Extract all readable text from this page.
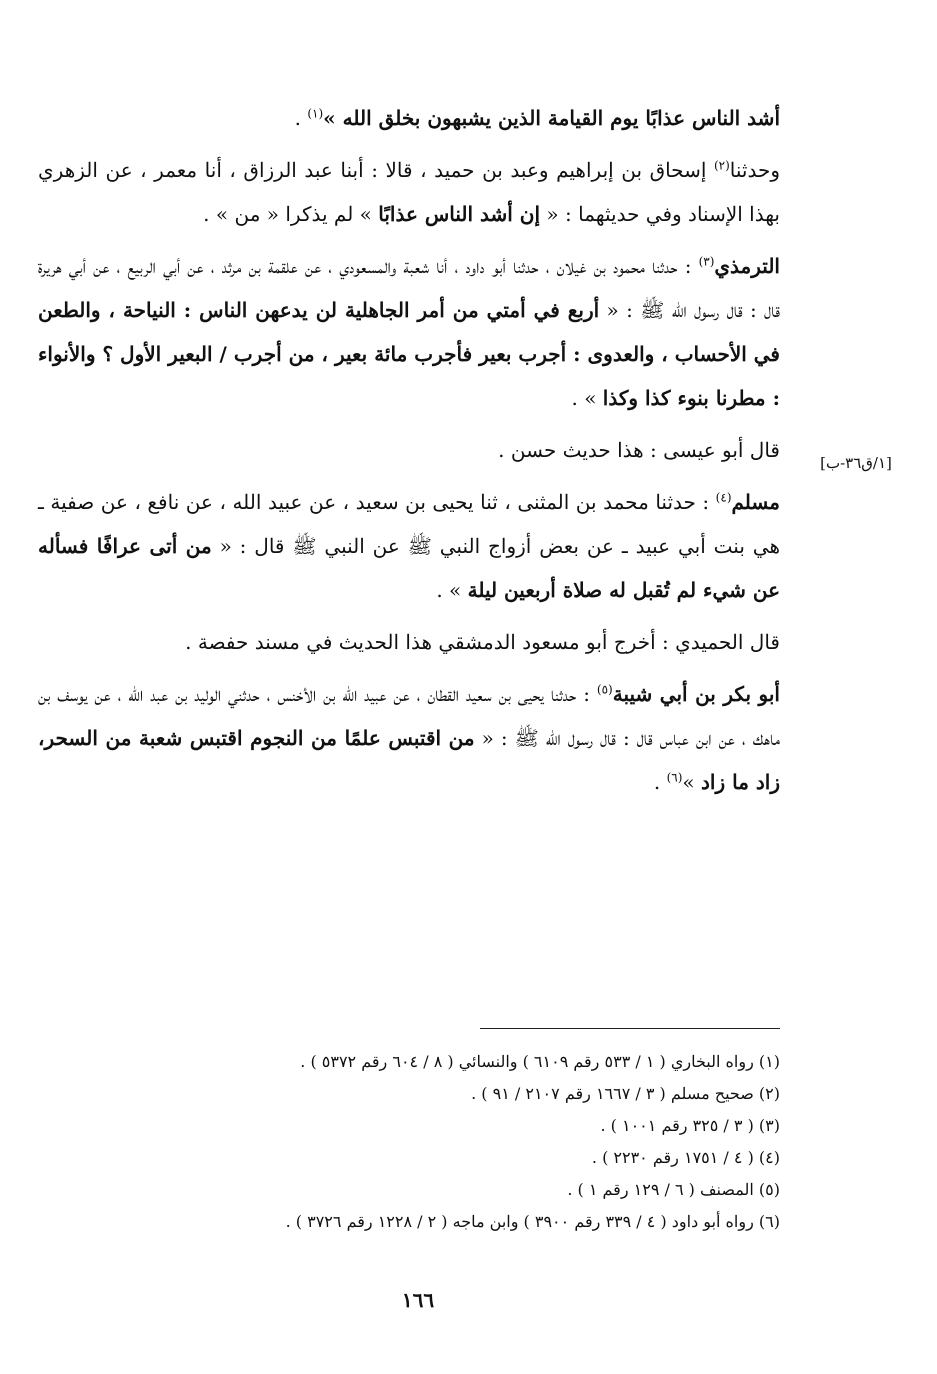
أشد الناس عذابًا يوم القيامة الذين يشبهون بخلق الله »$^{(١)}$ .

وحدثنا$^{(٢)}$ إسحاق بن إبراهيم وعبد بن حميد ، قالا : أبنا عبد الرزاق ، أنا معمر ، عن الزهري بهذا الإسناد وفي حديثهما : « إن أشد الناس عذابًا » لم يذكرا « من » .

الترمذي$^{(٣)}$ : حدثنا محمود بن غيلان ، حدثنا أبو داود ، أنا شعبة والمسعودي ، عن علقمة بن مرثد ، عن أبي الربيع ، عن أبي هريرة قال : قال رسول الله ﷺ : « أربع في أمتي من أمر الجاهلية لن يدعهن الناس : النياحة ، والطعن في الأحساب ، والعدوى : أجرب بعير فأجرب مائة بعير ، من أجرب / البعير الأول ؟ والأنواء : مطرنا بنوء كذا وكذا » .

قال أبو عيسى : هذا حديث حسن .

مسلم$^{(٤)}$ : حدثنا محمد بن المثنى ، ثنا يحيى بن سعيد ، عن عبيد الله ، عن نافع ، عن صفية ـ هي بنت أبي عبيد ـ عن بعض أزواج النبي ﷺ عن النبي ﷺ قال : « من أتى عرافًا فسأله عن شيء لم تُقبل له صلاة أربعين ليلة » .

قال الحميدي : أخرج أبو مسعود الدمشقي هذا الحديث في مسند حفصة .

أبو بكر بن أبي شيبة$^{(٥)}$ : حدثنا يحيى بن سعيد القطان ، عن عبيد الله بن الأخنس ، حدثني الوليد بن عبد الله ، عن يوسف بن ماهك ، عن ابن عباس قال : قال رسول الله ﷺ : « من اقتبس علمًا من النجوم اقتبس شعبة من السحر، زاد ما زاد »$^{(٦)}$ .

[١/ق٣٦-ب]
(١) رواه البخاري ( ١ / ٥٣٣ رقم ٦١٠٩ ) والنسائي ( ٨ / ٦٠٤ رقم ٥٣٧٢ ) .
(٢) صحيح مسلم ( ٣ / ١٦٦٧ رقم ٢١٠٧ / ٩١ ) .
(٣) ( ٣ / ٣٢٥ رقم ١٠٠١ ) .
(٤) ( ٤ / ١٧٥١ رقم ٢٢٣٠ ) .
(٥) المصنف ( ٦ / ١٢٩ رقم ١ ) .
(٦) رواه أبو داود ( ٤ / ٣٣٩ رقم ٣٩٠٠ ) وابن ماجه ( ٢ / ١٢٢٨ رقم ٣٧٢٦ ) .
١٦٦
